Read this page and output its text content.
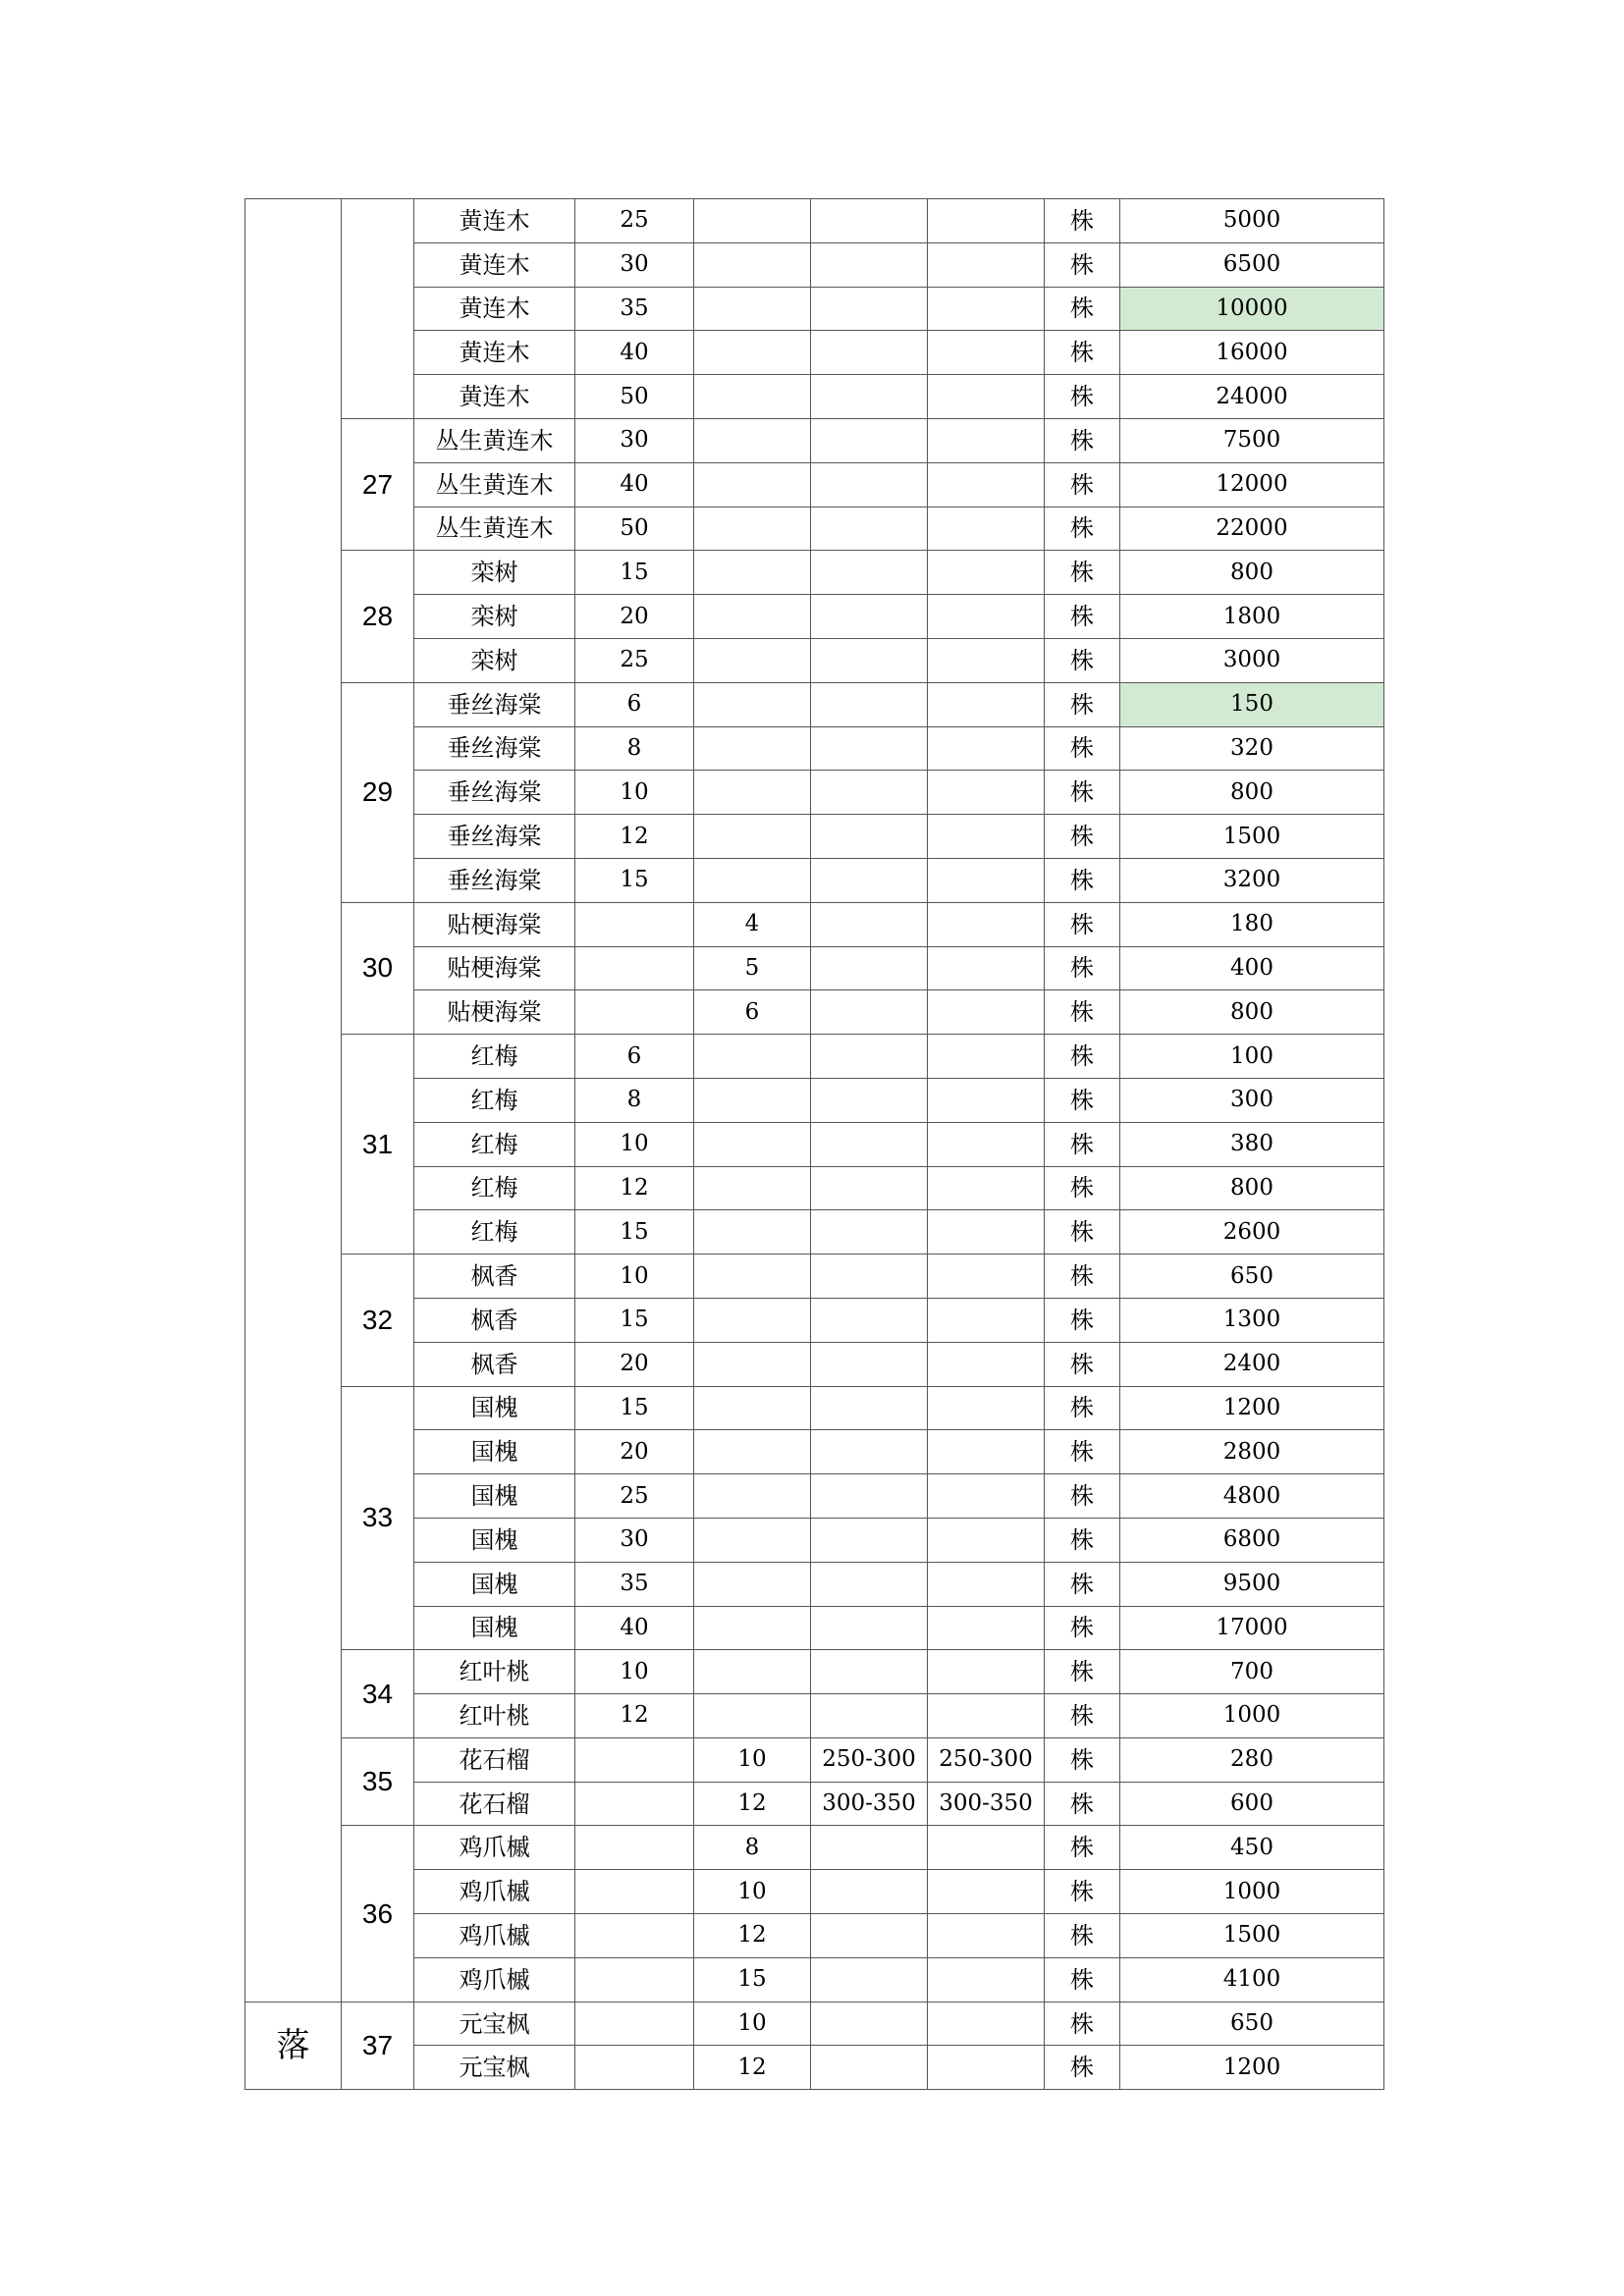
		黄连木	25				株	5000
		黄连木	30				株	6500
		黄连木	35				株	10000
		黄连木	40				株	16000
		黄连木	50				株	24000
	27	丛生黄连木	30				株	7500
		丛生黄连木	40				株	12000
		丛生黄连木	50				株	22000
	28	栾树	15				株	800
		栾树	20				株	1800
		栾树	25				株	3000
	29	垂丝海棠	6				株	150
		垂丝海棠	8				株	320
		垂丝海棠	10				株	800
		垂丝海棠	12				株	1500
		垂丝海棠	15				株	3200
	30	贴梗海棠		4			株	180
		贴梗海棠		5			株	400
		贴梗海棠		6			株	800
	31	红梅	6				株	100
		红梅	8				株	300
		红梅	10				株	380
		红梅	12				株	800
		红梅	15				株	2600
	32	枫香	10				株	650
		枫香	15				株	1300
		枫香	20				株	2400
	33	国槐	15				株	1200
		国槐	20				株	2800
		国槐	25				株	4800
		国槐	30				株	6800
		国槐	35				株	9500
		国槐	40				株	17000
	34	红叶桃	10				株	700
		红叶桃	12				株	1000
	35	花石榴		10	250-300	250-300	株	280
		花石榴		12	300-350	300-350	株	600
	36	鸡爪槭		8			株	450
		鸡爪槭		10			株	1000
		鸡爪槭		12			株	1500
		鸡爪槭		15			株	4100
落	37	元宝枫		10			株	650
		元宝枫		12			株	1200
